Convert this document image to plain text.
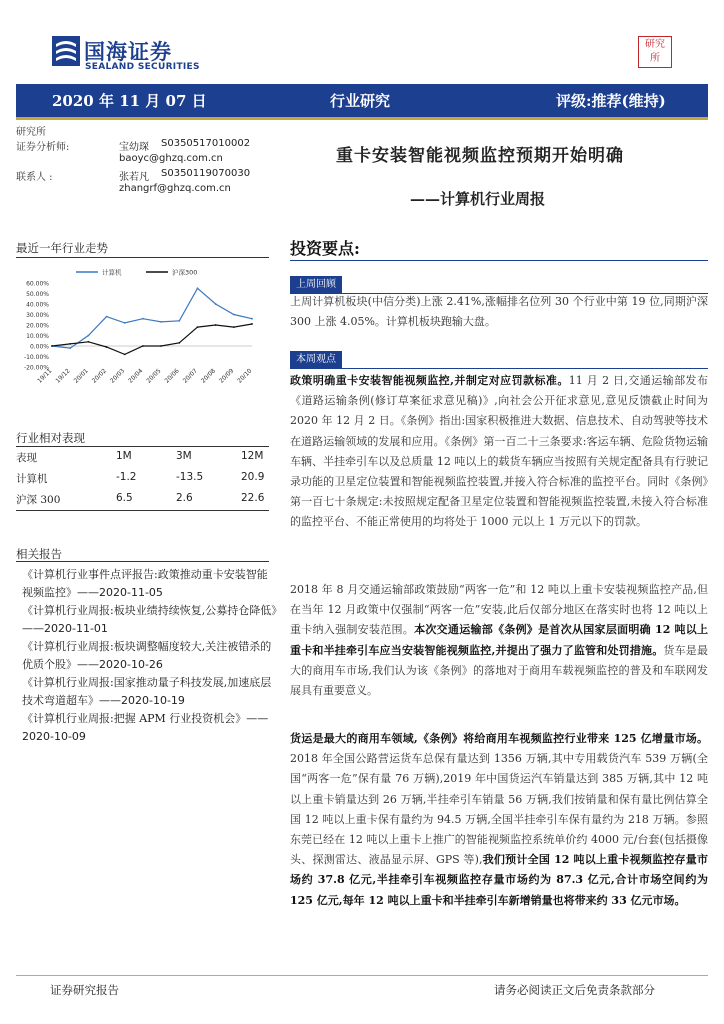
国海证券
SEALAND SECURITIES
研究
所
2020 年 11 月 07 日	行业研究	评级:推荐(维持)
研究所
证券分析师:	宝幼琛 S0350517010002
baoyc@ghzq.com.cn
联系人 :	张若凡 S0350119070030
zhangrf@ghzq.com.cn
重卡安装智能视频监控预期开始明确
——计算机行业周报
最近一年行业走势
60.00%
50.00%
40.00%
30.00%
20.00%
10.00%
0.00%
-10.00%
-20.00%
19/11 19/12 20/01 20/02 20/03 20/04 20/05 20/06 20/07 20/08 20/09 20/10
计算机	沪深300
行业相对表现
表现	1M	3M	12M
计算机	-1.2	-13.5	20.9
沪深 300	6.5	2.6	22.6
相关报告
《计算机行业事件点评报告:政策推动重卡安装智能视频监控》——2020-11-05
《计算机行业周报:板块业绩持续恢复,公募持仓降低》——2020-11-01
《计算机行业周报:板块调整幅度较大,关注被错杀的优质个股》——2020-10-26
《计算机行业周报:国家推动量子科技发展,加速底层技术弯道超车》——2020-10-19
《计算机行业周报:把握 APM 行业投资机会》——2020-10-09
投资要点:
上周回顾
上周计算机板块(中信分类)上涨 2.41%,涨幅排名位列 30 个行业中第 19 位,同期沪深 300 上涨 4.05%。计算机板块跑输大盘。
本周观点
政策明确重卡安装智能视频监控,并制定对应罚款标准。11 月 2 日,交通运输部发布《道路运输条例(修订草案征求意见稿)》,向社会公开征求意见,意见反馈截止时间为 2020 年 12 月 2 日。《条例》指出:国家积极推进大数据、信息技术、自动驾驶等技术在道路运输领域的发展和应用。《条例》第一百二十三条要求:客运车辆、危险货物运输车辆、半挂牵引车以及总质量 12 吨以上的载货车辆应当按照有关规定配备具有行驶记录功能的卫星定位装置和智能视频监控装置,并接入符合标准的监控平台。同时《条例》第一百七十条规定:未按照规定配备卫星定位装置和智能视频监控装置,未接入符合标准的监控平台、不能正常使用的均将处于 1000 元以上 1 万元以下的罚款。
2018 年 8 月交通运输部政策鼓励“两客一危”和 12 吨以上重卡安装视频监控产品,但在当年 12 月政策中仅强制“两客一危”安装,此后仅部分地区在落实时也将 12 吨以上重卡纳入强制安装范围。本次交通运输部《条例》是首次从国家层面明确 12 吨以上重卡和半挂牵引车应当安装智能视频监控,并提出了强力了监管和处罚措施。货车是最大的商用车市场,我们认为该《条例》的落地对于商用车载视频监控的普及和车联网发展具有重要意义。
货运是最大的商用车领域,《条例》将给商用车视频监控行业带来 125 亿增量市场。2018 年全国公路营运货车总保有量达到 1356 万辆,其中专用载货汽车 539 万辆(全国“两客一危”保有量 76 万辆),2019 年中国货运汽车销量达到 385 万辆,其中 12 吨以上重卡销量达到 26 万辆,半挂牵引车销量 56 万辆,我们按销量和保有量比例估算全国 12 吨以上重卡保有量约为 94.5 万辆,全国半挂牵引车保有量约为 218 万辆。参照东莞已经在 12 吨以上重卡上推广的智能视频监控系统单价约 4000 元/台套(包括摄像头、探测雷达、液晶显示屏、GPS 等),我们预计全国 12 吨以上重卡视频监控存量市场约 37.8 亿元,半挂牵引车视频监控存量市场约为 87.3 亿元,合计市场空间约为 125 亿元,每年 12 吨以上重卡和半挂牵引车新增销量也将带来约 33 亿元市场。
证券研究报告	请务必阅读正文后免责条款部分
